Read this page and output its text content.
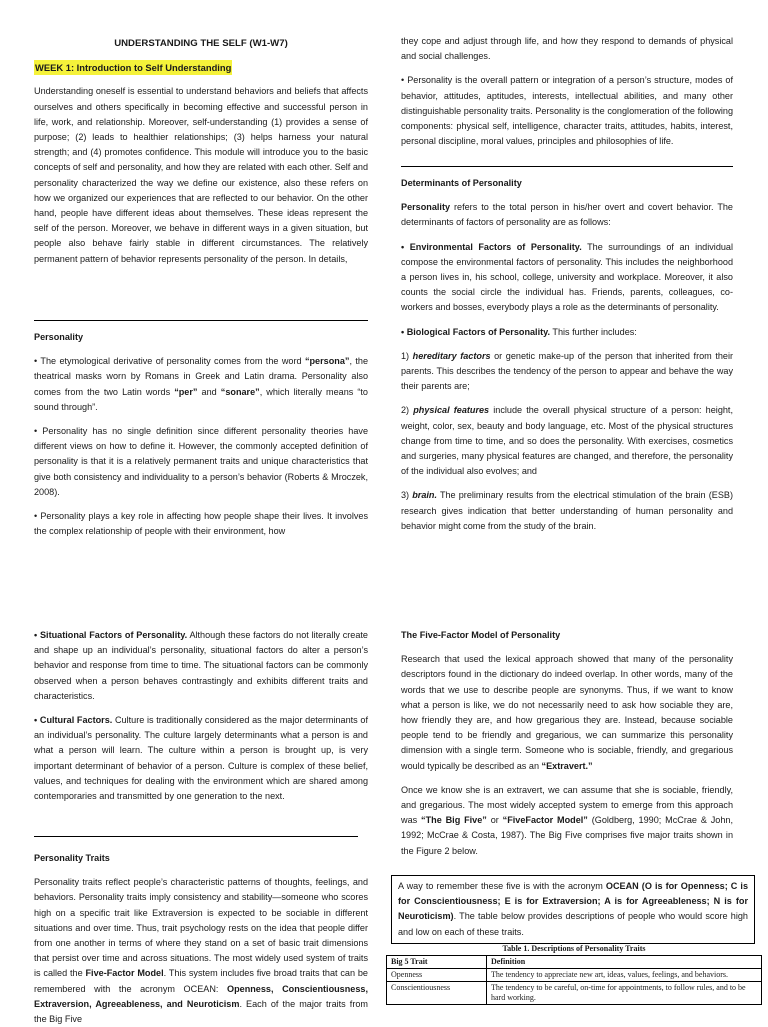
UNDERSTANDING THE SELF (W1-W7)

WEEK 1: Introduction to Self Understanding

Understanding oneself is essential to understand behaviors and beliefs that affects ourselves and others specifically in becoming effective and successful person in life, work, and relationship. Moreover, self-understanding (1) provides a sense of purpose; (2) leads to healthier relationships; (3) helps harness your natural strength; and (4) promotes confidence. This module will introduce you to the basic concepts of self and personality, and how they are related with each other. Self and personality characterized the way we define our existence, also these refers on how we organized our experiences that are reflected to our behavior. On the other hand, people have different ideas about themselves. These ideas represent the self of the person. Moreover, we behave in different ways in a given situation, but people also behave fairly stable in different circumstances. The relatively permanent pattern of behavior represents personality of the person. In details,

Personality

• The etymological derivative of personality comes from the word “persona”, the theatrical masks worn by Romans in Greek and Latin drama. Personality also comes from the two Latin words “per” and “sonare”, which literally means “to sound through”.

• Personality has no single definition since different personality theories have different views on how to define it. However, the commonly accepted definition of personality is that it is a relatively permanent traits and unique characteristics that give both consistency and individuality to a person’s behavior (Roberts & Mroczek, 2008).

• Personality plays a key role in affecting how people shape their lives. It involves the complex relationship of people with their environment, how

they cope and adjust through life, and how they respond to demands of physical and social challenges.

• Personality is the overall pattern or integration of a person’s structure, modes of behavior, attitudes, aptitudes, interests, intellectual abilities, and many other distinguishable personality traits. Personality is the conglomeration of the following components: physical self, intelligence, character traits, attitudes, habits, interest, personal discipline, moral values, principles and philosophies of life.

Determinants of Personality

Personality refers to the total person in his/her overt and covert behavior. The determinants of factors of personality are as follows:

• Environmental Factors of Personality. The surroundings of an individual compose the environmental factors of personality. This includes the neighborhood a person lives in, his school, college, university and workplace. Moreover, it also counts the social circle the individual has. Friends, parents, colleagues, co-workers and bosses, everybody plays a role as the determinants of personality.

• Biological Factors of Personality. This further includes:

1) hereditary factors or genetic make-up of the person that inherited from their parents. This describes the tendency of the person to appear and behave the way their parents are;

2) physical features include the overall physical structure of a person: height, weight, color, sex, beauty and body language, etc. Most of the physical structures change from time to time, and so does the personality. With exercises, cosmetics and surgeries, many physical features are changed, and therefore, the personality of the individual also evolves; and

3) brain. The preliminary results from the electrical stimulation of the brain (ESB) research gives indication that better understanding of human personality and behavior might come from the study of the brain.

• Situational Factors of Personality. Although these factors do not literally create and shape up an individual’s personality, situational factors do alter a person’s behavior and response from time to time. The situational factors can be commonly observed when a person behaves contrastingly and exhibits different traits and characteristics.

• Cultural Factors. Culture is traditionally considered as the major determinants of an individual’s personality. The culture largely determinants what a person is and what a person will learn. The culture within a person is brought up, is very important determinant of behavior of a person. Culture is complex of these belief, values, and techniques for dealing with the environment which are shared among contemporaries and transmitted by one generation to the next.

Personality Traits

Personality traits reflect people’s characteristic patterns of thoughts, feelings, and behaviors. Personality traits imply consistency and stability—someone who scores high on a specific trait like Extraversion is expected to be sociable in different situations and over time. Thus, trait psychology rests on the idea that people differ from one another in terms of where they stand on a set of basic trait dimensions that persist over time and across situations. The most widely used system of traits is called the Five-Factor Model. This system includes five broad traits that can be remembered with the acronym OCEAN: Openness, Conscientiousness, Extraversion, Agreeableness, and Neuroticism. Each of the major traits from the Big Five

The Five-Factor Model of Personality

Research that used the lexical approach showed that many of the personality descriptors found in the dictionary do indeed overlap. In other words, many of the words that we use to describe people are synonyms. Thus, if we want to know what a person is like, we do not necessarily need to ask how sociable they are, how friendly they are, and how gregarious they are. Instead, because sociable people tend to be friendly and gregarious, we can summarize this personality dimension with a single term. Someone who is sociable, friendly, and gregarious would typically be described as an “Extravert.”

Once we know she is an extravert, we can assume that she is sociable, friendly, and gregarious. The most widely accepted system to emerge from this approach was “The Big Five” or “FiveFactor Model” (Goldberg, 1990; McCrae & John, 1992; McCrae & Costa, 1987). The Big Five comprises five major traits shown in the Figure 2 below.

A way to remember these five is with the acronym OCEAN (O is for Openness; C is for Conscientiousness; E is for Extraversion; A is for Agreeableness; N is for Neuroticism). The table below provides descriptions of people who would score high and low on each of these traits.
Table 1. Descriptions of Personality Traits
Big 5 Trait	Definition
Openness	The tendency to appreciate new art, ideas, values, feelings, and behaviors.
Conscientiousness	The tendency to be careful, on-time for appointments, to follow rules, and to be hard working.
